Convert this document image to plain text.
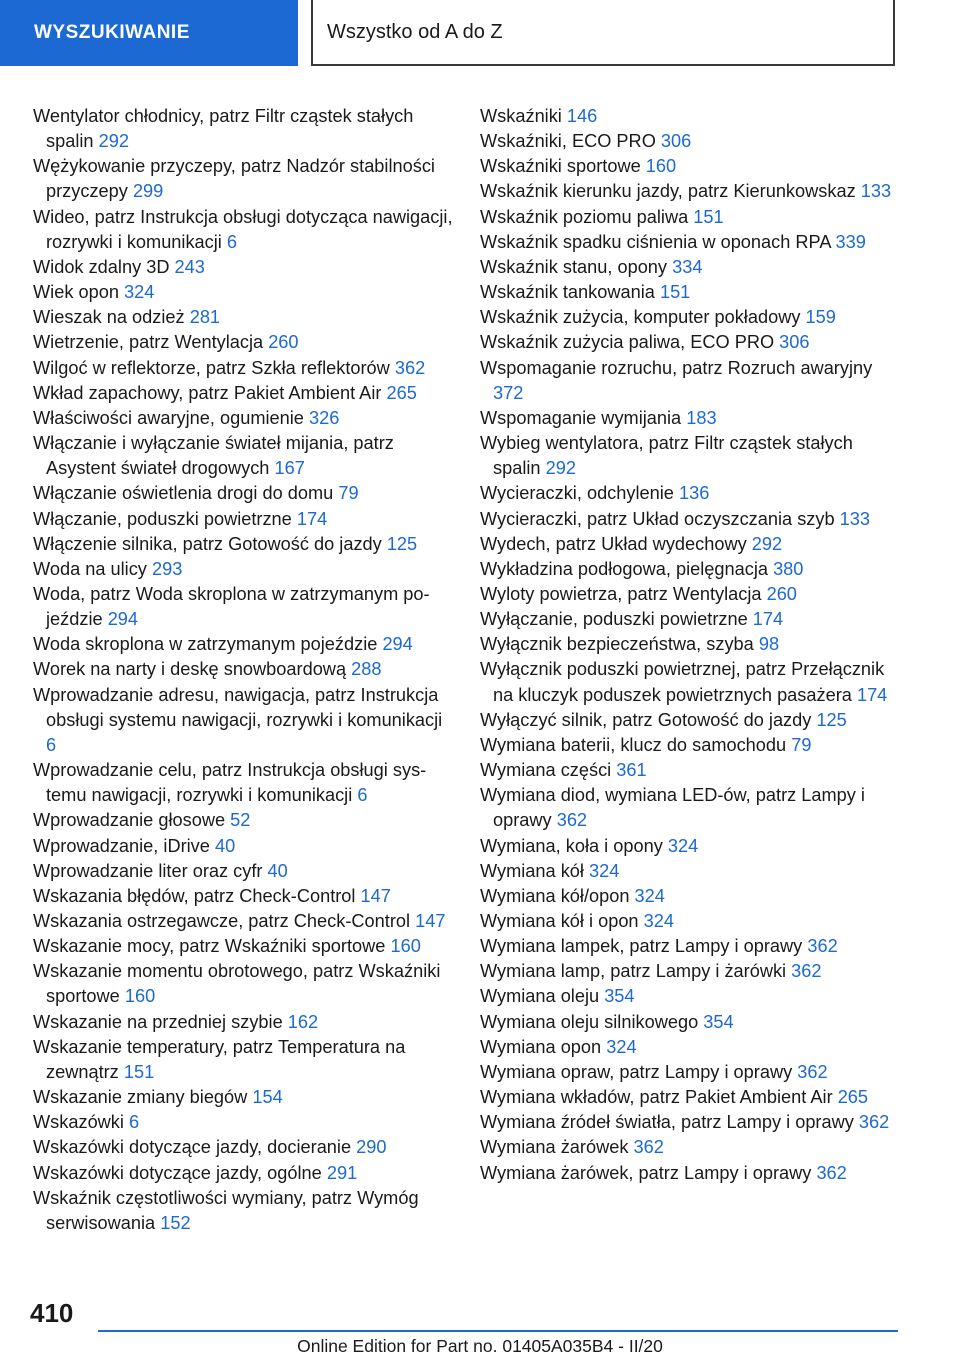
WYSZUKIWANIE	Wszystko od A do Z

Wentylator chłodnicy, patrz Filtr cząstek stałych spalin 292

Wężykowanie przyczepy, patrz Nadzór stabilności przyczepy 299

Wideo, patrz Instrukcja obsługi dotycząca nawigacji, rozrywki i komunikacji 6

Widok zdalny 3D 243

Wiek opon 324

Wieszak na odzież 281

Wietrzenie, patrz Wentylacja 260

Wilgoć w reflektorze, patrz Szkła reflektorów 362

Wkład zapachowy, patrz Pakiet Ambient Air 265

Właściwości awaryjne, ogumienie 326

Włączanie i wyłączanie świateł mijania, patrz Asystent świateł drogowych 167

Włączanie oświetlenia drogi do domu 79

Włączanie, poduszki powietrzne 174

Włączenie silnika, patrz Gotowość do jazdy 125

Woda na ulicy 293

Woda, patrz Woda skroplona w zatrzymanym pojeździe 294

Woda skroplona w zatrzymanym pojeździe 294

Worek na narty i deskę snowboardową 288

Wprowadzanie adresu, nawigacja, patrz Instrukcja obsługi systemu nawigacji, rozrywki i komunikacji 6

Wprowadzanie celu, patrz Instrukcja obsługi systemu nawigacji, rozrywki i komunikacji 6

Wprowadzanie głosowe 52

Wprowadzanie, iDrive 40

Wprowadzanie liter oraz cyfr 40

Wskazania błędów, patrz Check-Control 147

Wskazania ostrzegawcze, patrz Check-Control 147

Wskazanie mocy, patrz Wskaźniki sportowe 160

Wskazanie momentu obrotowego, patrz Wskaźniki sportowe 160

Wskazanie na przedniej szybie 162

Wskazanie temperatury, patrz Temperatura na zewnątrz 151

Wskazanie zmiany biegów 154

Wskazówki 6

Wskazówki dotyczące jazdy, docieranie 290

Wskazówki dotyczące jazdy, ogólne 291

Wskaźnik częstotliwości wymiany, patrz Wymóg serwisowania 152

Wskaźniki 146

Wskaźniki, ECO PRO 306

Wskaźniki sportowe 160

Wskaźnik kierunku jazdy, patrz Kierunkowskaz 133

Wskaźnik poziomu paliwa 151

Wskaźnik spadku ciśnienia w oponach RPA 339

Wskaźnik stanu, opony 334

Wskaźnik tankowania 151

Wskaźnik zużycia, komputer pokładowy 159

Wskaźnik zużycia paliwa, ECO PRO 306

Wspomaganie rozruchu, patrz Rozruch awaryjny 372

Wspomaganie wymijania 183

Wybieg wentylatora, patrz Filtr cząstek stałych spalin 292

Wycieraczki, odchylenie 136

Wycieraczki, patrz Układ oczyszczania szyb 133

Wydech, patrz Układ wydechowy 292

Wykładzina podłogowa, pielęgnacja 380

Wyloty powietrza, patrz Wentylacja 260

Wyłączanie, poduszki powietrzne 174

Wyłącznik bezpieczeństwa, szyba 98

Wyłącznik poduszki powietrznej, patrz Przełącznik na kluczyk poduszek powietrznych pasażera 174

Wyłączyć silnik, patrz Gotowość do jazdy 125

Wymiana baterii, klucz do samochodu 79

Wymiana części 361

Wymiana diod, wymiana LED-ów, patrz Lampy i oprawy 362

Wymiana, koła i opony 324

Wymiana kół 324

Wymiana kół/opon 324

Wymiana kół i opon 324

Wymiana lampek, patrz Lampy i oprawy 362

Wymiana lamp, patrz Lampy i żarówki 362

Wymiana oleju 354

Wymiana oleju silnikowego 354

Wymiana opon 324

Wymiana opraw, patrz Lampy i oprawy 362

Wymiana wkładów, patrz Pakiet Ambient Air 265

Wymiana źródeł światła, patrz Lampy i oprawy 362

Wymiana żarówek 362

Wymiana żarówek, patrz Lampy i oprawy 362

410
Online Edition for Part no. 01405A035B4 - II/20
